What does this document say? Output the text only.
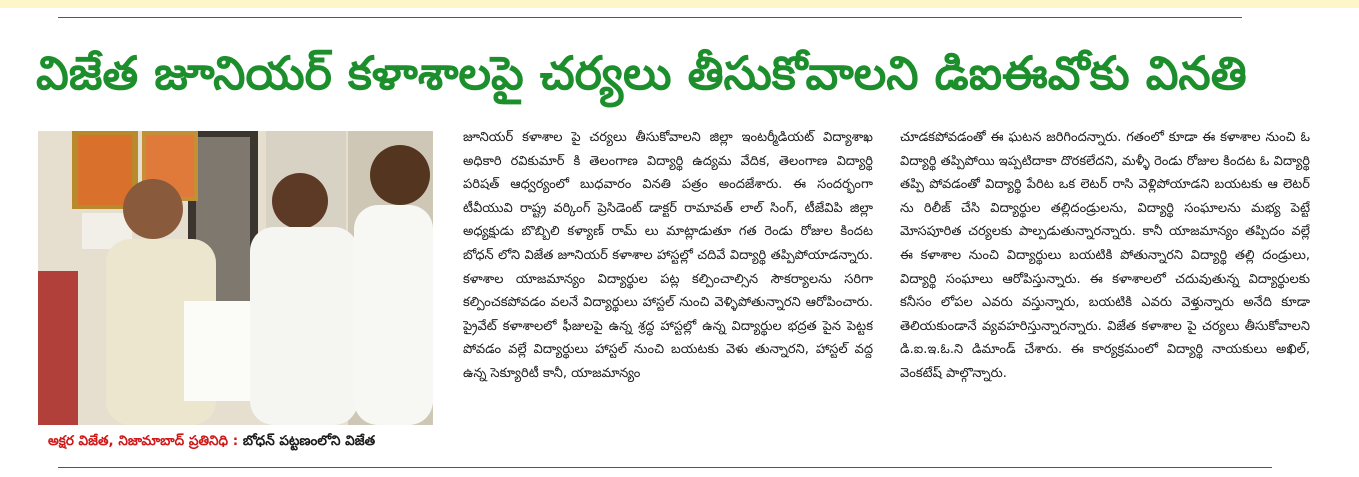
విజేత జూనియర్ కళాశాలపై చర్యలు తీసుకోవాలని డిఐఈవోకు వినతి
అక్షర విజేత, నిజామాబాద్ ప్రతినిధి : బోధన్ పట్టణంలోని విజేత
జూనియర్ కళాశాల పై చర్యలు తీసుకోవాలని జిల్లా ఇంటర్మీడియట్ విద్యాశాఖ అధికారి రవికుమార్ కి తెలంగాణ విద్యార్థి ఉద్యమ వేదిక, తెలంగాణ విద్యార్థి పరిషత్ ఆధ్వర్యంలో బుధవారం వినతి పత్రం అందజేశారు. ఈ సందర్భంగా టీవీయువి రాష్ట్ర వర్కింగ్ ప్రెసిడెంట్ డాక్టర్ రామావత్ లాల్ సింగ్, టీజేవిపి జిల్లా అధ్యక్షుడు బొబ్బిలి కళ్యాణ్ రామ్ లు మాట్లాడుతూ గత రెండు రోజుల కిందట బోధన్ లోని విజేత జూనియర్ కళాశాల హాస్టల్లో చదివే విద్యార్థి తప్పిపోయాడన్నారు. కళాశాల యాజమాన్యం విద్యార్థుల పట్ల కల్పించాల్సిన సౌకర్యాలను సరిగా కల్పించకపోవడం వలనే విద్యార్థులు హాస్టల్ నుంచి వెళ్ళిపోతున్నారని ఆరోపించారు. ప్రైవేట్ కళాశాలలో ఫీజులపై ఉన్న శ్రద్ధ హాస్టల్లో ఉన్న విద్యార్థుల భద్రత పైన పెట్టక పోవడం వల్లే విద్యార్థులు హాస్టల్ నుంచి బయటకు వెళు తున్నారని, హాస్టల్ వద్ద ఉన్న సెక్యూరిటీ కానీ, యాజమాన్యం
చూడకపోవడంతో ఈ ఘటన జరిగిందన్నారు. గతంలో కూడా ఈ కళాశాల నుంచి ఓ విద్యార్థి తప్పిపోయి ఇప్పటిదాకా దొరకలేదని, మళ్ళీ రెండు రోజుల కిందట ఓ విద్యార్థి తప్పి పోవడంతో విద్యార్థి పేరిట ఒక లెటర్ రాసి వెళ్లిపోయాడని బయటకు ఆ లెటర్ ను రిలీజ్ చేసి విద్యార్థుల తల్లిదండ్రులను, విద్యార్థి సంఘాలను మభ్య పెట్టే మోసపూరిత చర్యలకు పాల్పడుతున్నారన్నారు. కానీ యాజమాన్యం తప్పిదం వల్లే ఈ కళాశాల నుంచి విద్యార్థులు బయటికి పోతున్నారని విద్యార్థి తల్లి దండ్రులు, విద్యార్థి సంఘాలు ఆరోపిస్తున్నారు. ఈ కళాశాలలో చదువుతున్న విద్యార్థులకు కనీసం లోపల ఎవరు వస్తున్నారు, బయటికి ఎవరు వెళ్తున్నారు అనేది కూడా తెలియకుండానే వ్యవహరిస్తున్నారన్నారు. విజేత కళాశాల పై చర్యలు తీసుకోవాలని డి.ఐ.ఇ.ఓ.ని డిమాండ్ చేశారు. ఈ కార్యక్రమంలో విద్యార్థి నాయకులు అఖిల్, వెంకటేష్ పాల్గొన్నారు.
